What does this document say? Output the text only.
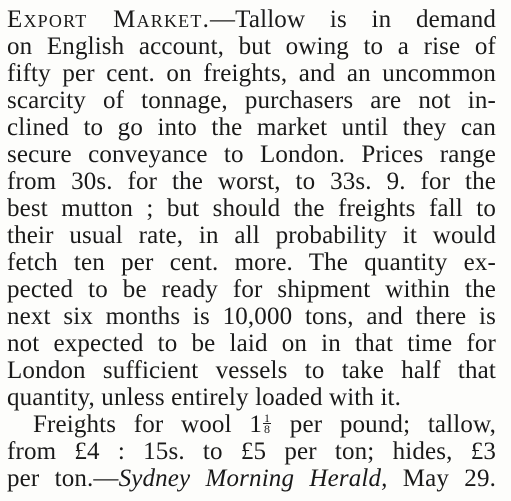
Export Market.—Tallow is in demand
on English account, but owing to a rise of
fifty per cent. on freights, and an uncommon
scarcity of tonnage, purchasers are not in-
clined to go into the market until they can
secure conveyance to London. Prices range
from 30s. for the worst, to 33s. 9. for the
best mutton ; but should the freights fall to
their usual rate, in all probability it would
fetch ten per cent. more. The quantity ex-
pected to be ready for shipment within the
next six months is 10,000 tons, and there is
not expected to be laid on in that time for
London sufficient vessels to take half that
quantity, unless entirely loaded with it.
Freights for wool $1 \frac{1}{8}$ per pound; tallow,
from £4 : 15s. to £5 per ton; hides, £3
per ton.—Sydney Morning Herald, May 29.
